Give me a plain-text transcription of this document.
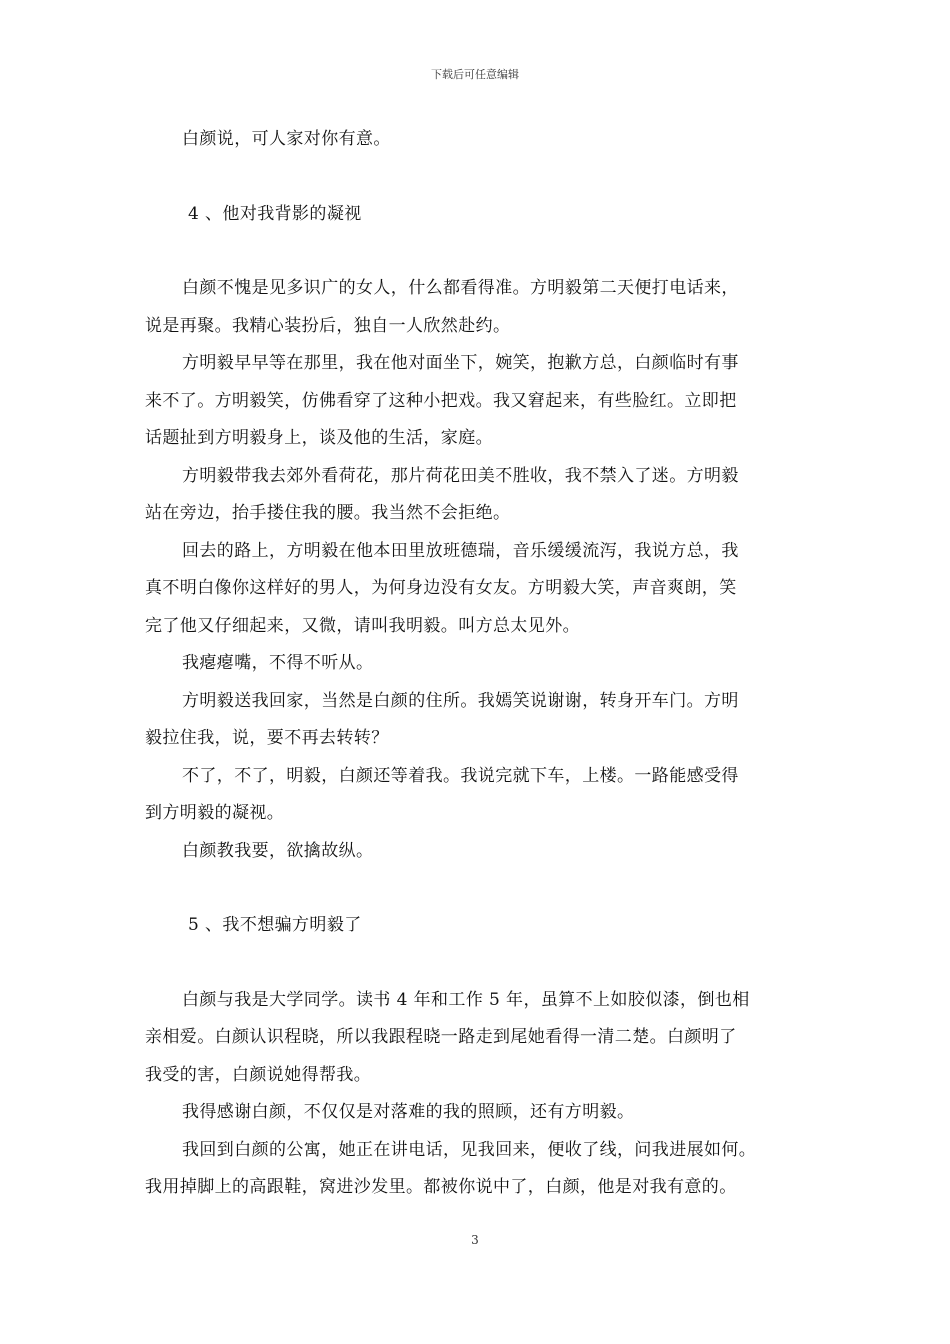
下载后可任意编辑
白颜说，可人家对你有意。
4 、他对我背影的凝视
白颜不愧是见多识广的女人，什么都看得准。方明毅第二天便打电话来，
说是再聚。我精心装扮后，独自一人欣然赴约。
方明毅早早等在那里，我在他对面坐下，婉笑，抱歉方总，白颜临时有事
来不了。方明毅笑，仿佛看穿了这种小把戏。我又窘起来，有些脸红。立即把
话题扯到方明毅身上，谈及他的生活，家庭。
方明毅带我去郊外看荷花，那片荷花田美不胜收，我不禁入了迷。方明毅
站在旁边，抬手搂住我的腰。我当然不会拒绝。
回去的路上，方明毅在他本田里放班德瑞，音乐缓缓流泻，我说方总，我
真不明白像你这样好的男人，为何身边没有女友。方明毅大笑，声音爽朗，笑
完了他又仔细起来，又微，请叫我明毅。叫方总太见外。
我瘪瘪嘴，不得不听从。
方明毅送我回家，当然是白颜的住所。我嫣笑说谢谢，转身开车门。方明
毅拉住我，说，要不再去转转？
不了，不了，明毅，白颜还等着我。我说完就下车，上楼。一路能感受得
到方明毅的凝视。
白颜教我要，欲擒故纵。
5 、我不想骗方明毅了
白颜与我是大学同学。读书 4 年和工作 5 年，虽算不上如胶似漆，倒也相
亲相爱。白颜认识程晓，所以我跟程晓一路走到尾她看得一清二楚。白颜明了
我受的害，白颜说她得帮我。
我得感谢白颜，不仅仅是对落难的我的照顾，还有方明毅。
我回到白颜的公寓，她正在讲电话，见我回来，便收了线，问我进展如何。
我用掉脚上的高跟鞋，窝进沙发里。都被你说中了，白颜，他是对我有意的。
3
